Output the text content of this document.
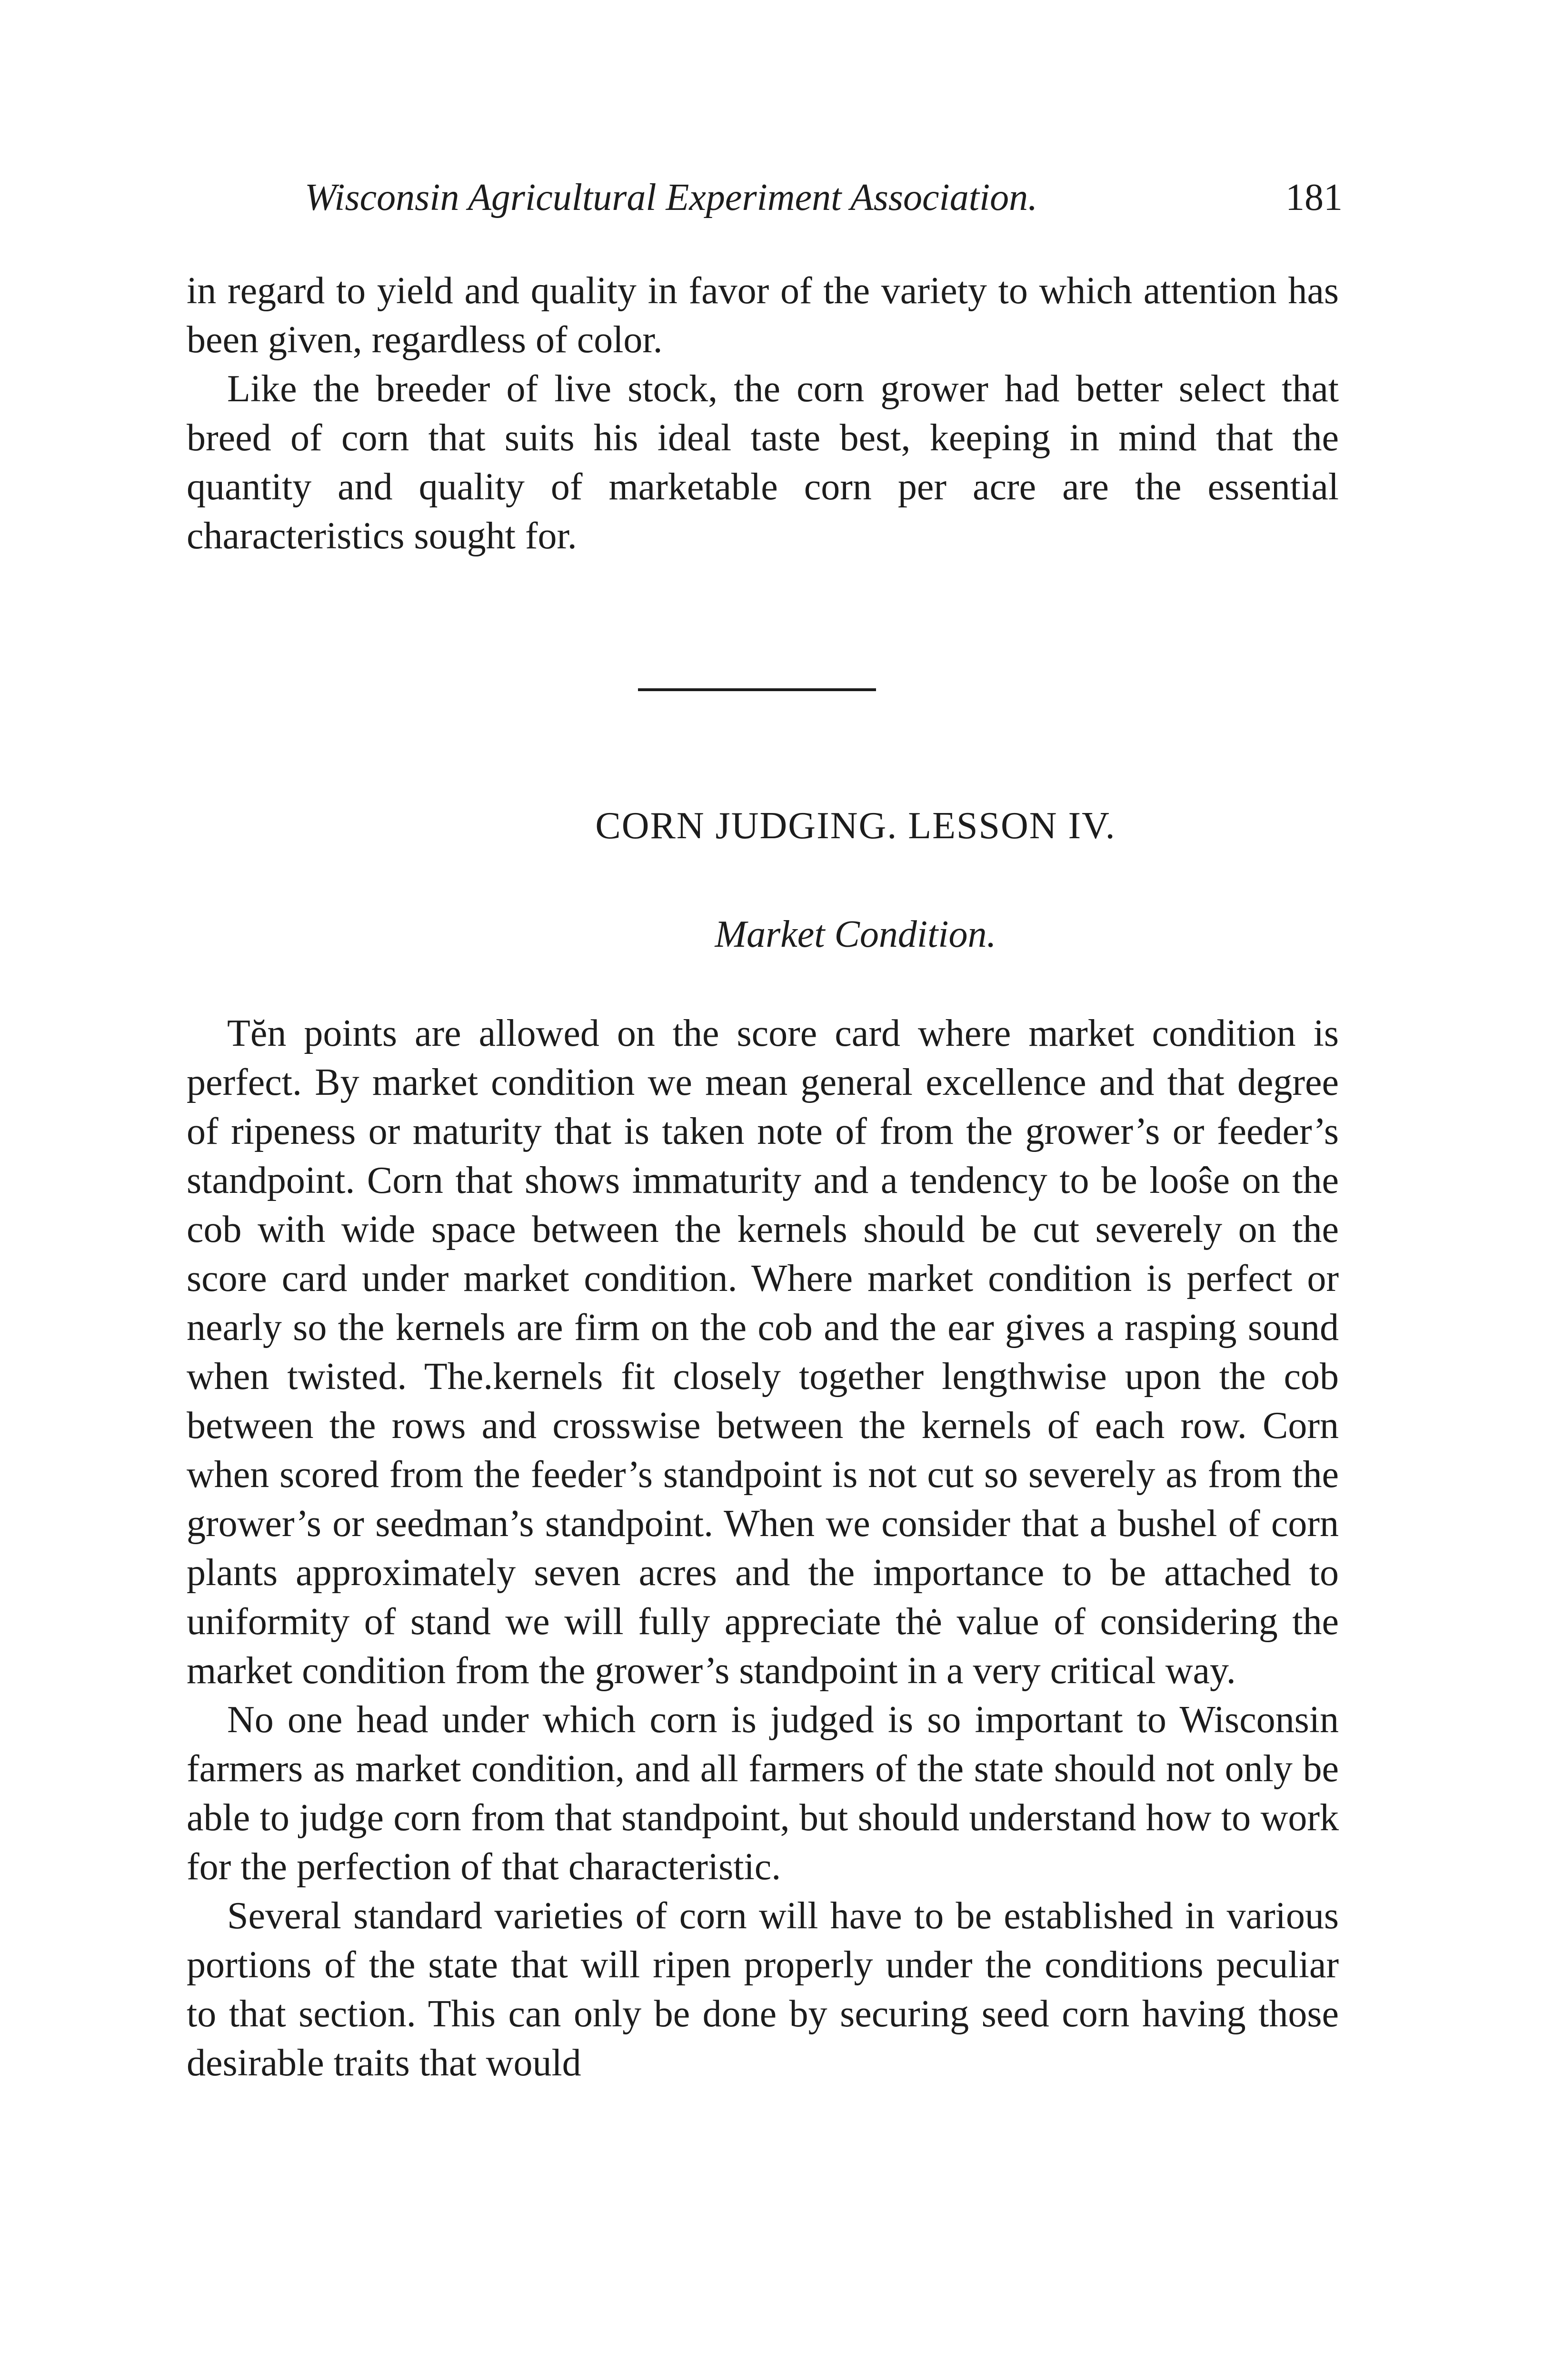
Wisconsin Agricultural Experiment Association.	181

in regard to yield and quality in favor of the variety to which attention has been given, regardless of color.

Like the breeder of live stock, the corn grower had better select that breed of corn that suits his ideal taste best, keeping in mind that the quantity and quality of marketable corn per acre are the essential characteristics sought for.

CORN JUDGING. LESSON IV.
Market Condition.

Tĕn points are allowed on the score card where market condition is perfect. By market condition we mean general excellence and that degree of ripeness or maturity that is taken note of from the grower’s or feeder’s standpoint. Corn that shows immaturity and a tendency to be looŝe on the cob with wide space between the kernels should be cut severely on the score card under market condition. Where market condition is perfect or nearly so the kernels are firm on the cob and the ear gives a rasping sound when twisted. The.kernels fit closely together lengthwise upon the cob between the rows and crosswise between the kernels of each row. Corn when scored from the feeder’s standpoint is not cut so severely as from the grower’s or seedman’s standpoint. When we consider that a bushel of corn plants approximately seven acres and the importance to be attached to uniformity of stand we will fully appreciate thė value of considering the market condition from the grower’s standpoint in a very critical way.

No one head under which corn is judged is so important to Wisconsin farmers as market condition, and all farmers of the state should not only be able to judge corn from that standpoint, but should understand how to work for the perfection of that characteristic.

Several standard varieties of corn will have to be established in various portions of the state that will ripen properly under the conditions peculiar to that section. This can only be done by securing seed corn having those desirable traits that would
